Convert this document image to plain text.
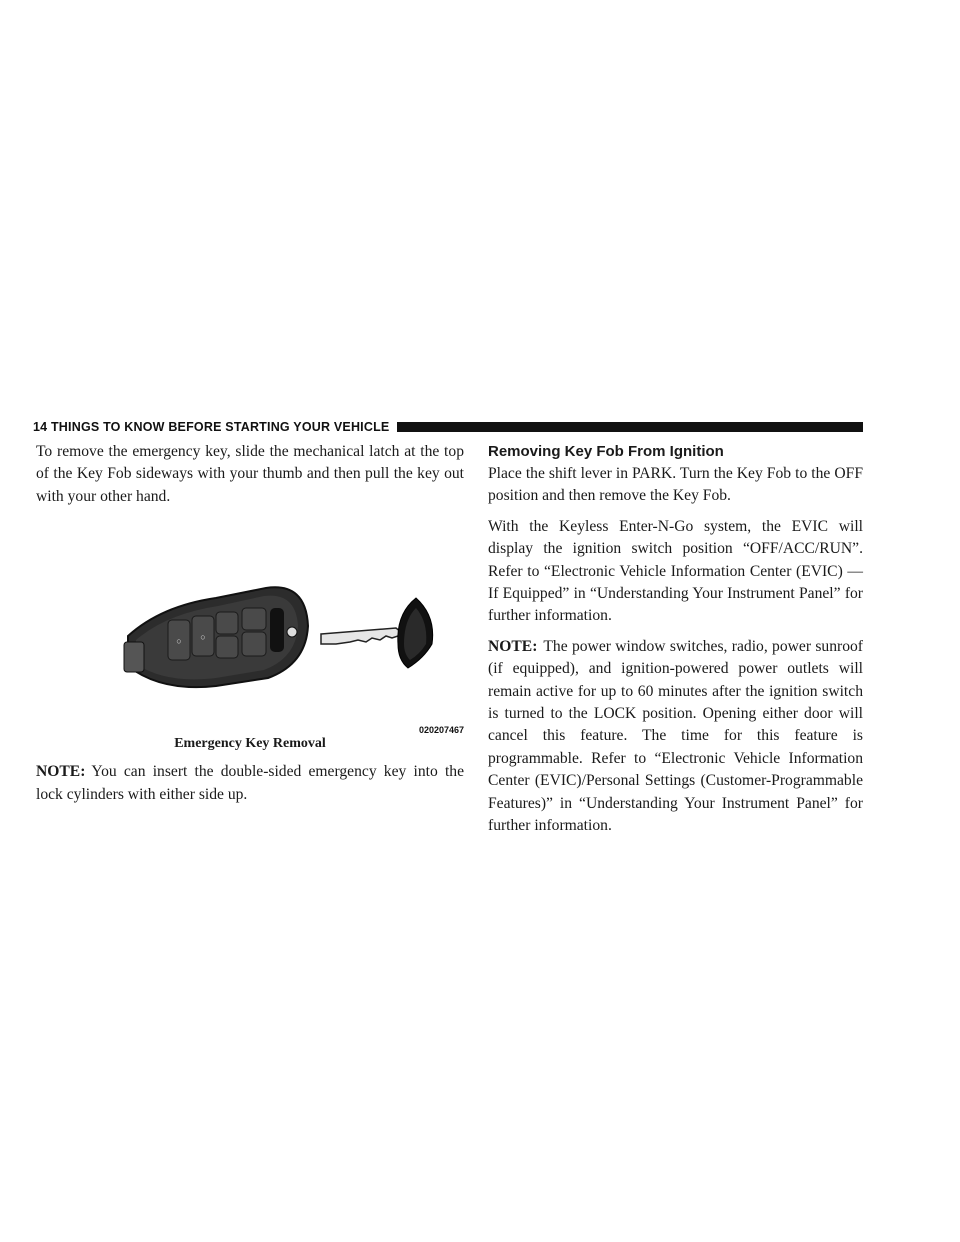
14 THINGS TO KNOW BEFORE STARTING YOUR VEHICLE

To remove the emergency key, slide the mechanical latch at the top of the Key Fob sideways with your thumb and then pull the key out with your other hand.

○ ○
020207467
Emergency Key Removal

NOTE: You can insert the double-sided emergency key into the lock cylinders with either side up.

Removing Key Fob From Ignition

Place the shift lever in PARK. Turn the Key Fob to the OFF position and then remove the Key Fob.

With the Keyless Enter-N-Go system, the EVIC will display the ignition switch position “OFF/ACC/RUN”. Refer to “Electronic Vehicle Information Center (EVIC) — If Equipped” in “Understanding Your Instrument Panel” for further information.

NOTE: The power window switches, radio, power sunroof (if equipped), and ignition-powered power outlets will remain active for up to 60 minutes after the ignition switch is turned to the LOCK position. Opening either door will cancel this feature. The time for this feature is programmable. Refer to “Electronic Vehicle Information Center (EVIC)/Personal Settings (Customer-Programmable Features)” in “Understanding Your Instrument Panel” for further information.
